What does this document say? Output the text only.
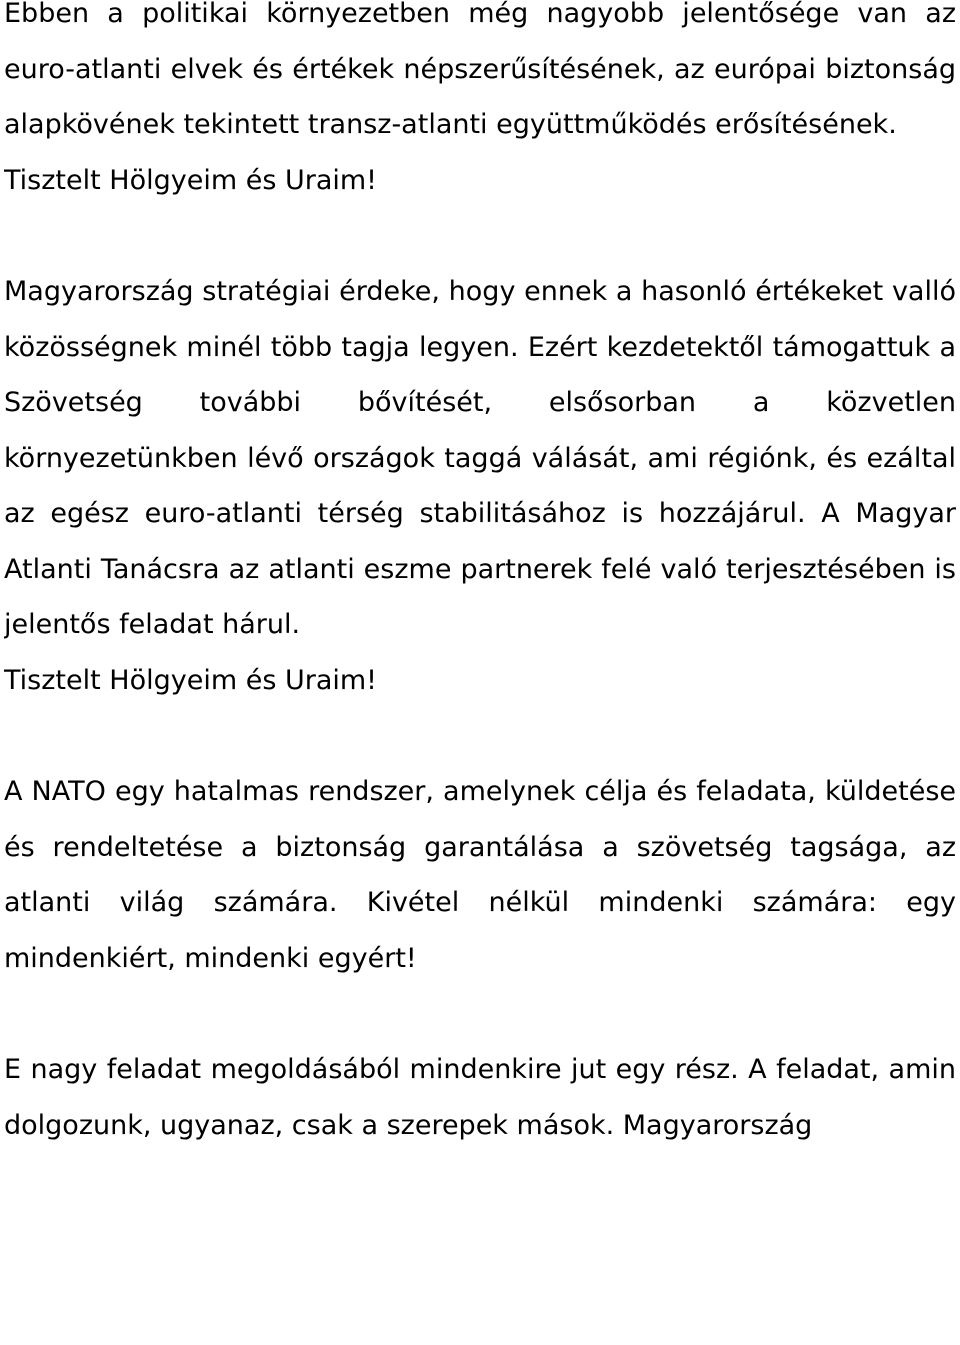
Ebben a politikai környezetben még nagyobb jelentősége van az euro-atlanti elvek és értékek népszerűsítésének, az európai biztonság alapkövének tekintett transz-atlanti együttműködés erősítésének.

Tisztelt Hölgyeim és Uraim!

Magyarország stratégiai érdeke, hogy ennek a hasonló értékeket valló közösségnek minél több tagja legyen. Ezért kezdetektől támogattuk a Szövetség további bővítését, elsősorban a közvetlen környezetünkben lévő országok taggá válását, ami régiónk, és ezáltal az egész euro-atlanti térség stabilitásához is hozzájárul. A Magyar Atlanti Tanácsra az atlanti eszme partnerek felé való terjesztésében is jelentős feladat hárul.

Tisztelt Hölgyeim és Uraim!

A NATO egy hatalmas rendszer, amelynek célja és feladata, küldetése és rendeltetése a biztonság garantálása a szövetség tagsága, az atlanti világ számára. Kivétel nélkül mindenki számára: egy mindenkiért, mindenki egyért!

E nagy feladat megoldásából mindenkire jut egy rész. A feladat, amin dolgozunk, ugyanaz, csak a szerepek mások. Magyarország
